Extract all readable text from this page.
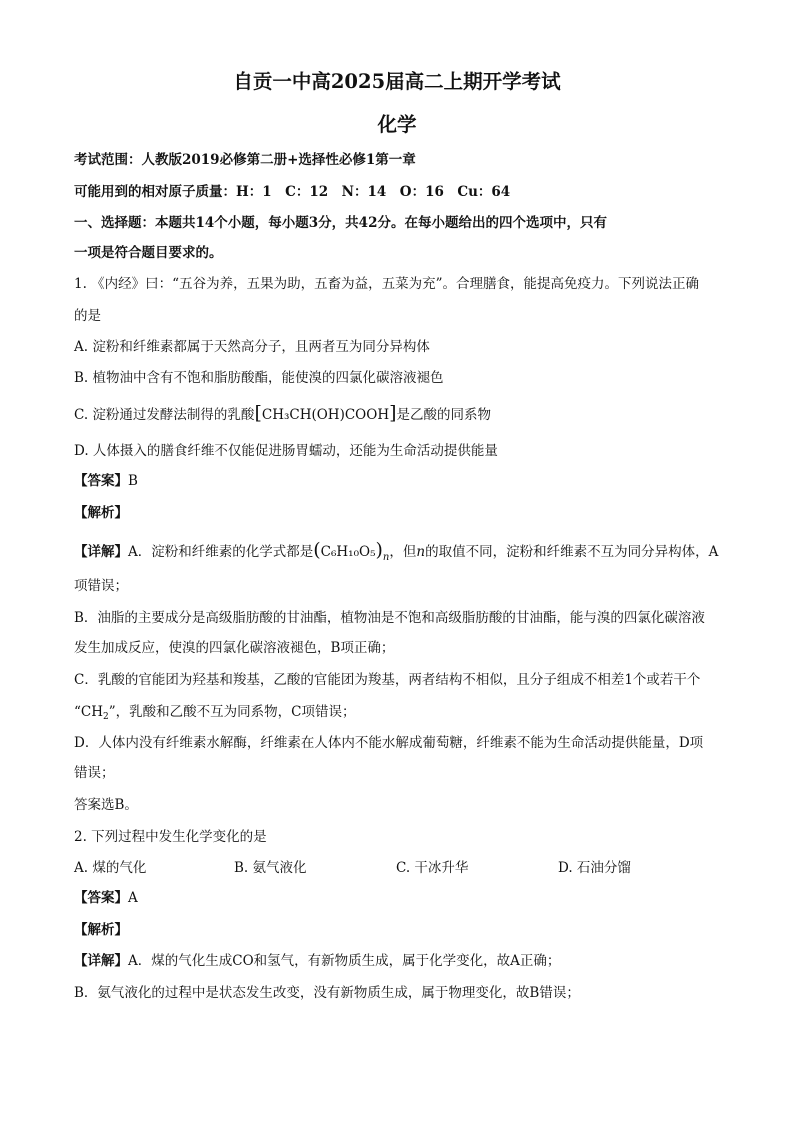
自贡一中高2025届高二上期开学考试
化学
考试范围：人教版2019必修第二册+选择性必修1第一章
可能用到的相对原子质量：H：1　C：12　N：14　O：16　Cu：64
一、选择题：本题共14个小题，每小题3分，共42分。在每小题给出的四个选项中，只有
一项是符合题目要求的。
1. 《内经》曰：“五谷为养，五果为助，五畜为益，五菜为充”。合理膳食，能提高免疫力。下列说法正确
的是
A. 淀粉和纤维素都属于天然高分子，且两者互为同分异构体
B. 植物油中含有不饱和脂肪酸酯，能使溴的四氯化碳溶液褪色
C. 淀粉通过发酵法制得的乳酸[CH₃CH(OH)COOH]是乙酸的同系物
D. 人体摄入的膳食纤维不仅能促进肠胃蠕动，还能为生命活动提供能量
【答案】B
【解析】
【详解】A．淀粉和纤维素的化学式都是$(C_6H_{10}O_5)_n$，但n的取值不同，淀粉和纤维素不互为同分异构体，A
项错误；
B．油脂的主要成分是高级脂肪酸的甘油酯，植物油是不饱和高级脂肪酸的甘油酯，能与溴的四氯化碳溶液
发生加成反应，使溴的四氯化碳溶液褪色，B项正确；
C．乳酸的官能团为羟基和羧基，乙酸的官能团为羧基，两者结构不相似，且分子组成不相差1个或若干个
“$CH_2$”，乳酸和乙酸不互为同系物，C项错误；
D．人体内没有纤维素水解酶，纤维素在人体内不能水解成葡萄糖，纤维素不能为生命活动提供能量，D项
错误；
答案选B。
2. 下列过程中发生化学变化的是
A. 煤的气化	B. 氨气液化	C. 干冰升华	D. 石油分馏
【答案】A
【解析】
【详解】A．煤的气化生成CO和氢气，有新物质生成，属于化学变化，故A正确；
B．氨气液化的过程中是状态发生改变，没有新物质生成，属于物理变化，故B错误；
